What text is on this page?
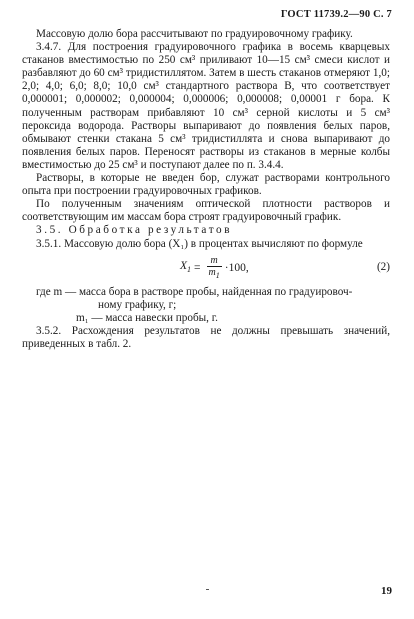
ГОСТ 11739.2—90 С. 7

Массовую долю бора рассчитывают по градуировочному графику.

3.4.7. Для построения градуировочного графика в восемь кварцевых стаканов вместимостью по 250 см³ приливают 10—15 см³ смеси кислот и разбавляют до 60 см³ тридистиллятом. Затем в шесть стаканов отмеряют 1,0; 2,0; 4,0; 6,0; 8,0; 10,0 см³ стандартного раствора В, что соответствует 0,000001; 0,000002; 0,000004; 0,000006; 0,000008; 0,00001 г бора. К полученным растворам прибавляют 10 см³ серной кислоты и 5 см³ пероксида водорода. Растворы выпаривают до появления белых паров, обмывают стенки стакана 5 см³ тридистиллята и снова выпаривают до появления белых паров. Переносят растворы из стаканов в мерные колбы вместимостью до 25 см³ и поступают далее по п. 3.4.4.

Растворы, в которые не введен бор, служат растворами контрольного опыта при построении градуировочных графиков.

По полученным значениям оптической плотности растворов и соответствующим им массам бора строят градуировочный график.

3.5. Обработка результатов

3.5.1. Массовую долю бора (X₁) в процентах вычисляют по формуле

$X_1 = \frac{m}{m_1} \cdot 100$,	(2)

где m — масса бора в растворе пробы, найденная по градуировоч-

ному графику, г;

m₁ — масса навески пробы, г.

3.5.2. Расхождения результатов не должны превышать значений, приведенных в табл. 2.

19
